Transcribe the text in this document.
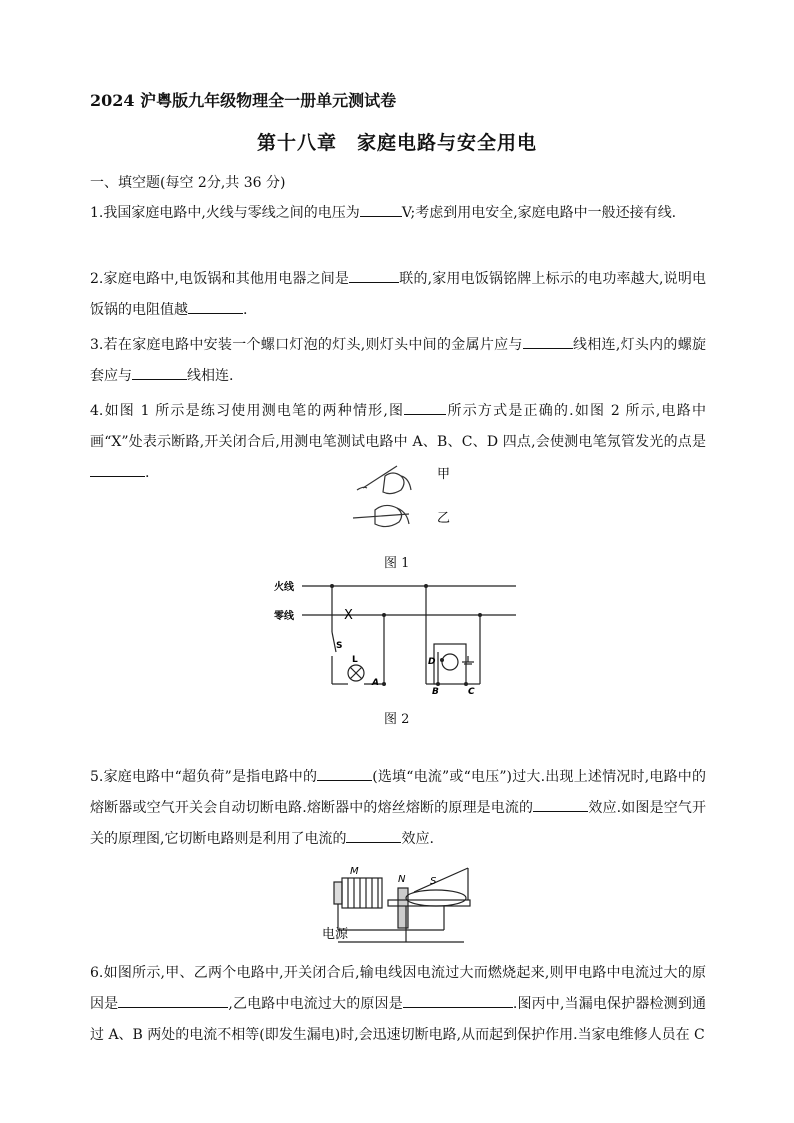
2024 沪粤版九年级物理全一册单元测试卷
第十八章　家庭电路与安全用电
一、填空题(每空 2分,共 36 分)
1.我国家庭电路中,火线与零线之间的电压为	V;考虑到用电安全,家庭电路中一般还接有线.
2.家庭电路中,电饭锅和其他用电器之间是	联的,家用电饭锅铭牌上标示的电功率越大,说明电饭锅的电阻值越	.
3.若在家庭电路中安装一个螺口灯泡的灯头,则灯头中间的金属片应与	线相连,灯头内的螺旋套应与	线相连.
4.如图 1 所示是练习使用测电笔的两种情形,图	所示方式是正确的.如图 2 所示,电路中画“X”处表示断路,开关闭合后,用测电笔测试电路中 A、B、C、D 四点,会使测电笔氖管发光的点是.	甲
乙
图 1
火线
零线	X
S
L
A
B	C
D
图 2
5.家庭电路中“超负荷”是指电路中的	(选填“电流”或“电压”)过大.出现上述情况时,电路中的熔断器或空气开关会自动切断电路.熔断器中的熔丝熔断的原理是电流的	效应.如图是空气开关的原理图,它切断电路则是利用了电流的	效应.
M
N S
电源
6.如图所示,甲、乙两个电路中,开关闭合后,输电线因电流过大而燃烧起来,则甲电路中电流过大的原因是	,乙电路中电流过大的原因是	.图丙中,当漏电保护器检测到通过 A、B 两处的电流不相等(即发生漏电)时,会迅速切断电路,从而起到保护作用.当家电维修人员在 C
